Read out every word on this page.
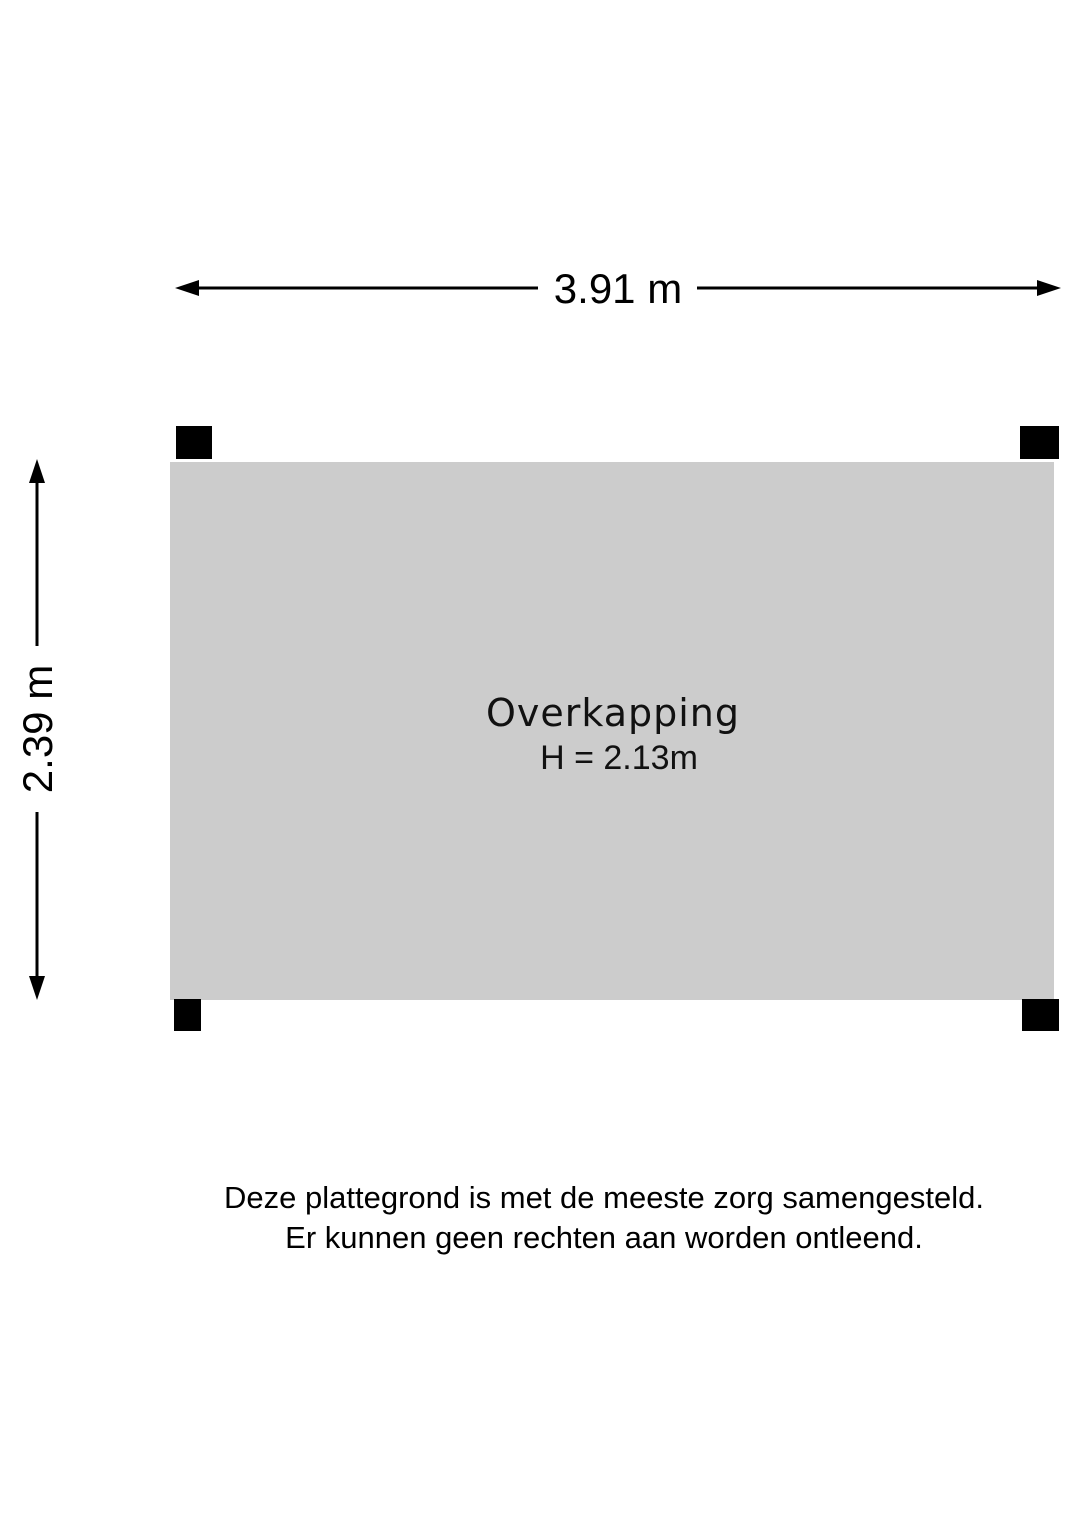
3.91 m
2.39 m	Overkapping
H = 2.13m
Deze plattegrond is met de meeste zorg samengesteld.
Er kunnen geen rechten aan worden ontleend.
